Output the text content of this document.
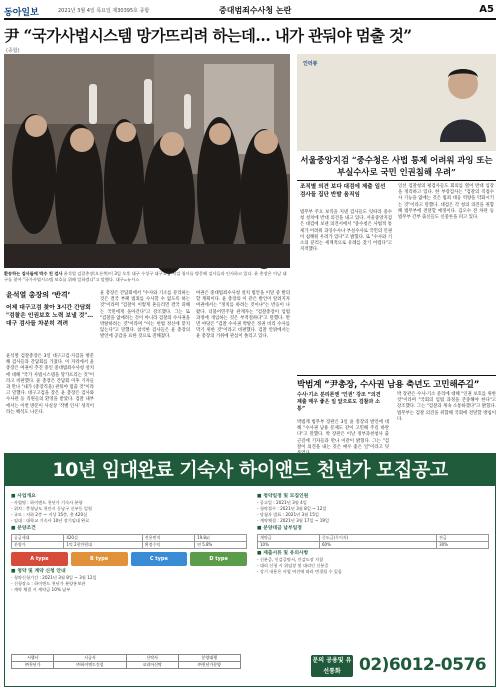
동아일보	2021년 3월 4일 목요일 제30395호 종합	중대범죄수사청 논란	A5
尹 “국가사법시스템 망가뜨리려 하는데… 내가 관둬야 멈출 것”
(종합)
환송하는 검사들에 박수 친 검사 윤석열 검찰총장(오른쪽)이 3일 오후 대구 수성구 대구고검·지검 청사를 방문해 검사들과 인사하고 있다. 윤 총장은 이날 대구를 찾아 "국가사법시스템 보호를 위해 일하겠다"고 말했다. 대구=뉴시스
윤석열 총장의 ‘반격’
어제 대구고검 찾아 3시간 간담회 "검찰은 인권보호 노력 보낼 것"… 대구 검사들 차분히 격려
윤석열 검찰총장은 3일 대구고검·지검을 방문해 검사들과 간담회를 가졌다. 이 자리에서 윤 총장은 여권이 추진 중인 중대범죄수사청 설치에 대해 "국가 사법시스템을 망가뜨리는 것"이라고 비판했다. 윤 총장은 간담회 이후 기자들과 만나 "내가 (총장직을) 관둬야 멈출 것"이라고 말했다. 대구고검을 찾은 윤 총장은 검사와 수사관 등 직원들의 환영을 받았다. 검찰 내부에서는 이번 방문이 사실상 ‘작별 인사’ 성격이라는 해석도 나온다.
윤 총장은 간담회에서 "수사와 기소를 분리하는 것은 결국 부패 범죄를 수사할 수 없도록 하는 것"이라며 "검찰이 이렇게 흔들리면 결국 피해는 국민에게 돌아간다"고 강조했다. 그는 또 "검찰을 없애려는 것이 아니라 검찰의 수사권을 박탈하려는 것"이라며 "이는 헌법 정신에 맞지 않는다"고 말했다. 참석한 검사들은 윤 총장의 발언에 공감을 표한 것으로 전해졌다.
여권은 중대범죄수사청 설치 법안을 이달 중 발의할 계획이다. 윤 총장의 이 같은 발언이 알려지자 여권에서는 "정치를 하려는 것이냐"는 반응이 나왔다. 더불어민주당 관계자는 "검찰총장이 입법 과정에 개입하는 것은 부적절하다"고 말했다. 반면 야당은 "검찰 수사권 박탈은 정권 비리 수사를 막기 위한 것"이라고 비판했다. 검찰 안팎에서는 윤 총장의 거취에 관심이 쏠리고 있다.
인터뷰
서울중앙지검 “중수청은 사법 통제 어려워 과잉 또는 부실수사로 국민 인권침해 우려”
조직별 의견 보다 대검에 제출 일선 검사들 집단 반발 움직임
법무부 주요 보직을 지낸 검사들도 잇따라 중수청 설치에 반대 의견을 내고 있다. 서울중앙지검은 대검에 보낸 의견서에서 "중수청은 사법적 통제가 어려워 과잉수사나 부실수사로 국민의 인권이 침해될 우려가 있다"고 밝혔다. 또 "수사와 기소의 분리는 세계적으로 유례를 찾기 어렵다"고 지적했다.
일선 검찰청의 평검사들도 회의를 열어 반대 입장을 정리하고 있다. 한 부장검사는 "검찰의 직접수사 기능을 없애는 것은 범죄 대응 역량을 약화시키는 것"이라고 말했다. 대검은 각 청의 의견을 취합해 법무부에 전달할 예정이다. 김오수 전 차관 등 법무부 간부 출신들도 신중론을 펴고 있다.
박범계 “尹총장, 수사권 남용 축년도 고민해주길”
수사·기소 분리론엔 ‘인권’ 강조 “의견 제출 매우 좋은 일 앞으로도 검찰과 소통”
박범계 법무부 장관은 3일 윤 총장의 발언에 대해 "수사권 남용 문제도 같이 고민해 주길 바란다"고 말했다. 박 장관은 이날 정부과천청사 출근길에 기자들과 만나 이같이 밝혔다. 그는 "검찰이 의견을 내는 것은 매우 좋은 일"이라고 덧
박 장관은 수사·기소 분리에 대해 "인권 보호를 위한 것"이라며 "국회의 입법 과정을 존중해야 한다"고 강조했다. 그는 "검찰과 계속 소통하겠다"고 밝혔다. 법무부는 검찰 의견을 취합해 국회에 전달할 방침이다.
10년 임대완료 기숙사 하이앤드 천년가 모집공고
■ 사업개요
- 사업명 : 하이앤드 천년가 기숙사 분양
- 위치 : 충청남도 천안시 동남구 신부동 일원
- 규모 : 지하 2층 ~ 지상 15층, 총 420실
- 임대 : 대학교 기숙사 10년 장기임대 완료
■ 분양조건
공급세대	420실	전용면적	19.8㎡
분양가	1억 2천만원대	확정수익	연 5.8%
A type	B type	C type	D type
■ 청약 및 계약 신청 안내
- 청약신청기간 : 2021년 3월 8일 ~ 3월 12일
- 신청장소 : 하이앤드 천년가 분양홍보관
- 계약 체결 시 계약금 10% 납부
■ 청약일정 및 모집인원
- 공고일 : 2021년 3월 4일
- 청약접수 : 2021년 3월 8일 ~ 12일
- 당첨자 발표 : 2021년 3월 15일
- 계약체결 : 2021년 3월 17일 ~ 19일
■ 분양대금 납부일정
계약금	중도금(무이자)	잔금
10%	60%	30%
■ 제출서류 및 유의사항
- 신분증, 인감증명서, 인감도장 지참
- 대리 신청 시 위임장 및 대리인 신분증
- 상기 내용은 사업 여건에 따라 변경될 수 있음
시행사	시공사	신탁사	분양대행
㈜천년가	㈜하이앤드건설	코리아신탁	㈜천년가분양
문의 공용및 유선통화	02)6012-0576
